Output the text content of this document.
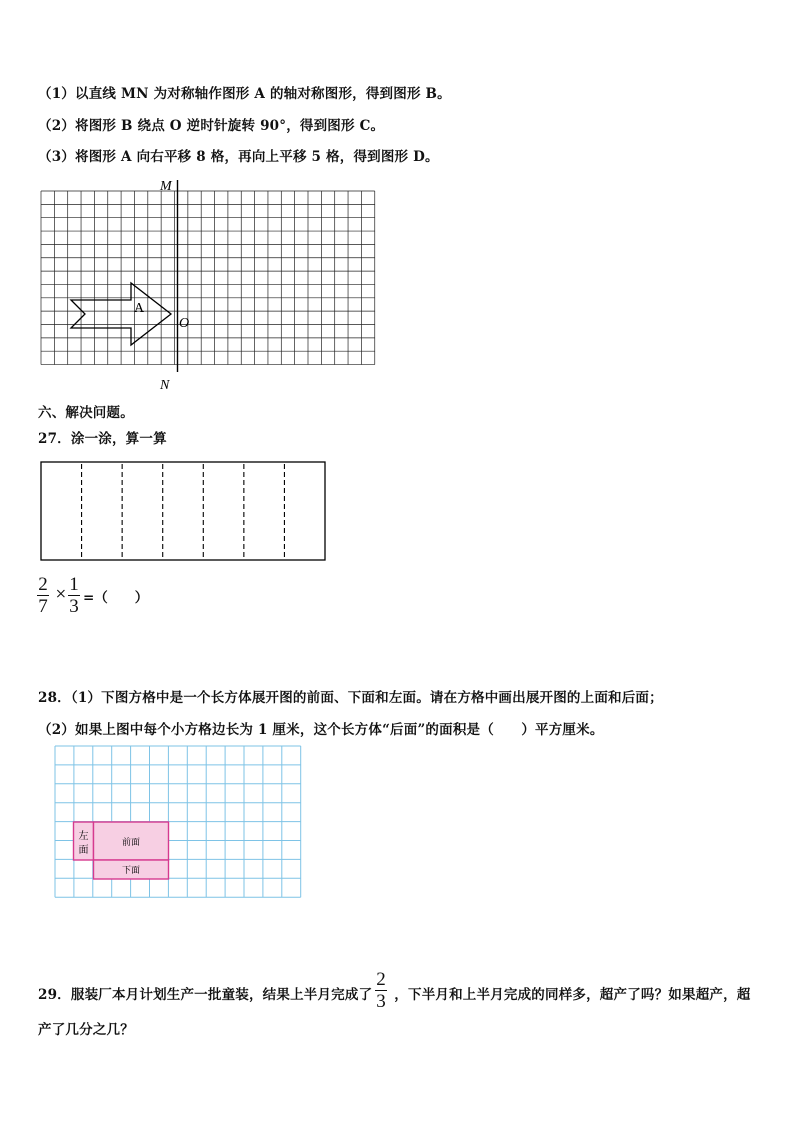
（1）以直线 MN 为对称轴作图形 A 的轴对称图形，得到图形 B。
（2）将图形 B 绕点 O 逆时针旋转 90°，得到图形 C。
（3）将图形 A 向右平移 8 格，再向上平移 5 格，得到图形 D。
M
N
O
A
六、解决问题。
27．涂一涂，算一算
2
7
× 1
3 =（　　）
28．（1）下图方格中是一个长方体展开图的前面、下面和左面。请在方格中画出展开图的上面和后面；
（2）如果上图中每个小方格边长为 1 厘米，这个长方体“后面”的面积是（　　）平方厘米。
左
面
前面
下面
29．服装厂本月计划生产一批童装，结果上半月完成了 ，下半月和上半月完成的同样多，超产了吗？如果超产，超
2
3
产了几分之几？
